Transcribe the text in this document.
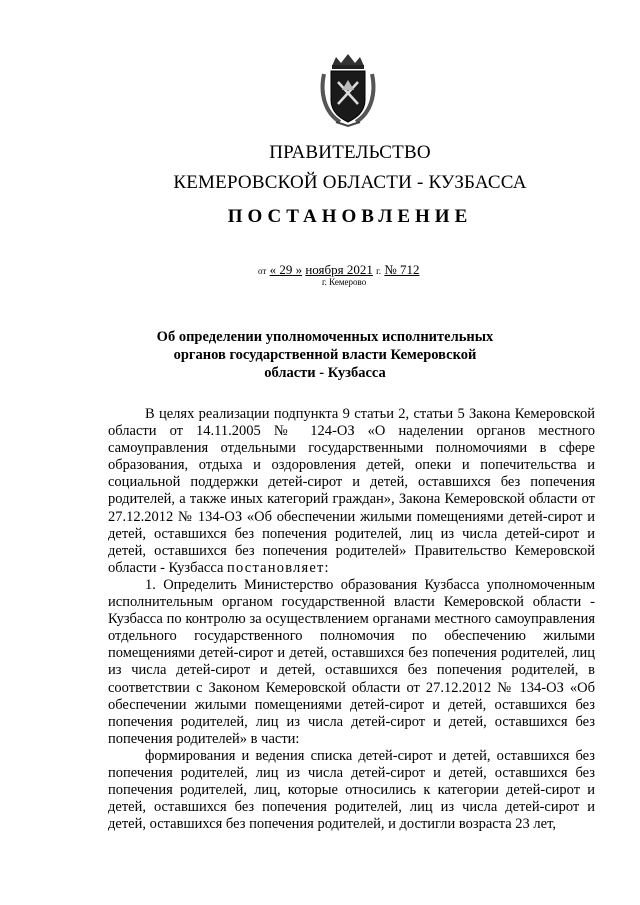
ПРАВИТЕЛЬСТВО
КЕМЕРОВСКОЙ ОБЛАСТИ - КУЗБАССА
ПОСТАНОВЛЕНИЕ
от « 29 » ноября 2021 г. № 712
г. Кемерово
Об определении уполномоченных исполнительных
органов государственной власти Кемеровской
области - Кузбасса

В целях реализации подпункта 9 статьи 2, статьи 5 Закона Кемеровской области от 14.11.2005 № 124-ОЗ «О наделении органов местного самоуправления отдельными государственными полномочиями в сфере образования, отдыха и оздоровления детей, опеки и попечительства и социальной поддержки детей-сирот и детей, оставшихся без попечения родителей, а также иных категорий граждан», Закона Кемеровской области от 27.12.2012 № 134-ОЗ «Об обеспечении жилыми помещениями детей-сирот и детей, оставшихся без попечения родителей, лиц из числа детей-сирот и детей, оставшихся без попечения родителей» Правительство Кемеровской области - Кузбасса постановляет:

1. Определить Министерство образования Кузбасса уполномоченным исполнительным органом государственной власти Кемеровской области - Кузбасса по контролю за осуществлением органами местного самоуправления отдельного государственного полномочия по обеспечению жилыми помещениями детей-сирот и детей, оставшихся без попечения родителей, лиц из числа детей-сирот и детей, оставшихся без попечения родителей, в соответствии с Законом Кемеровской области от 27.12.2012 № 134-ОЗ «Об обеспечении жилыми помещениями детей-сирот и детей, оставшихся без попечения родителей, лиц из числа детей-сирот и детей, оставшихся без попечения родителей» в части:

формирования и ведения списка детей-сирот и детей, оставшихся без попечения родителей, лиц из числа детей-сирот и детей, оставшихся без попечения родителей, лиц, которые относились к категории детей-сирот и детей, оставшихся без попечения родителей, лиц из числа детей-сирот и детей, оставшихся без попечения родителей, и достигли возраста 23 лет,
